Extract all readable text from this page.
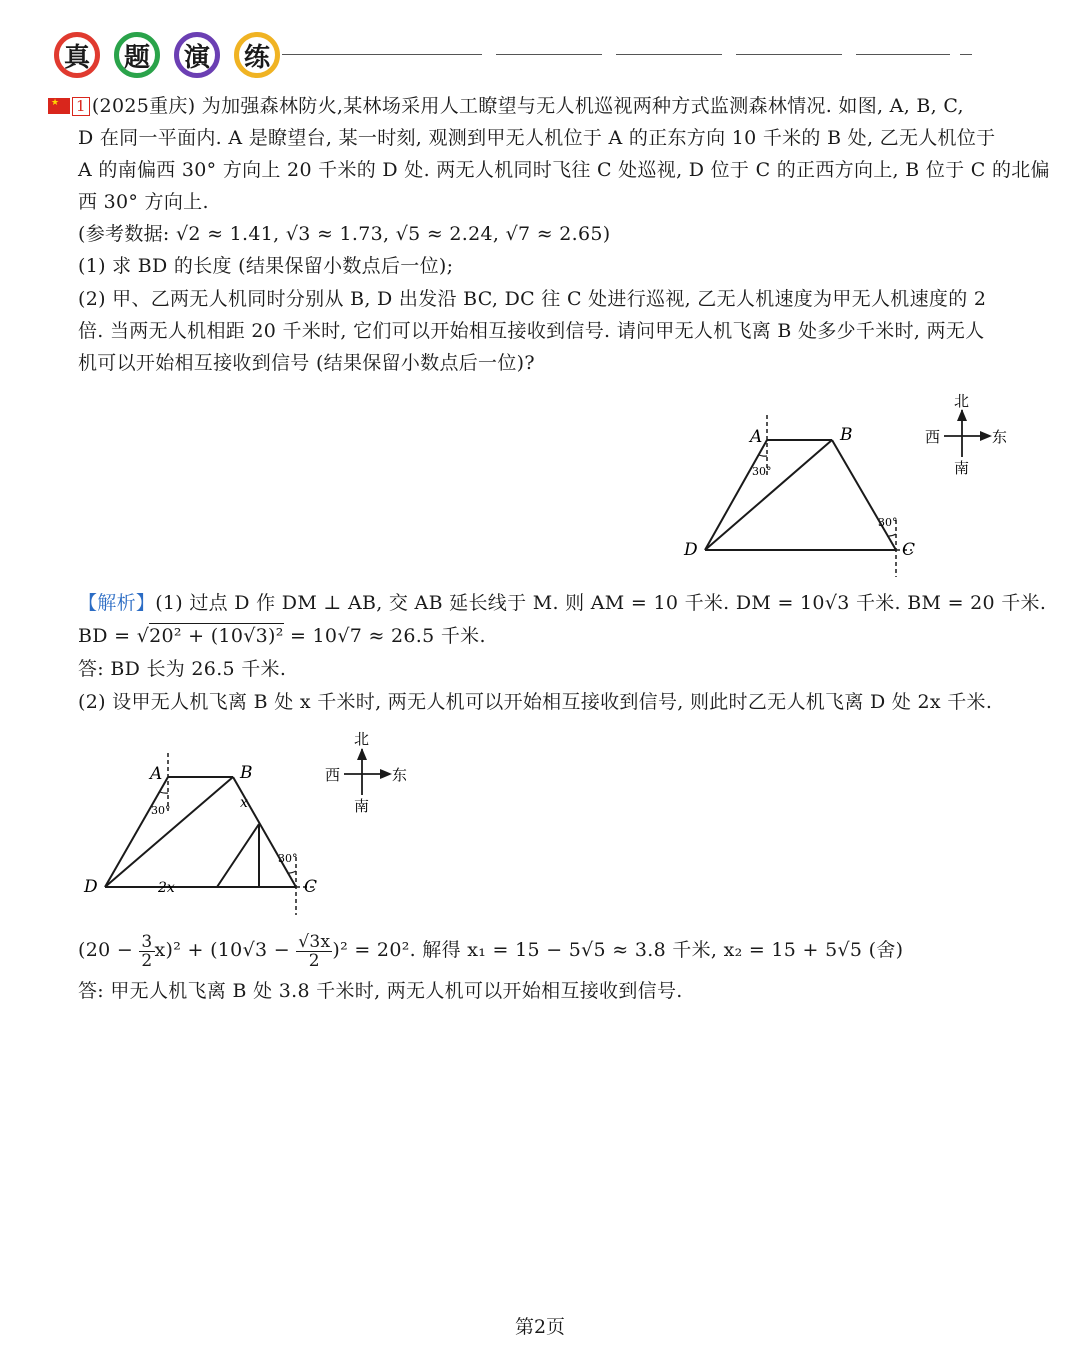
真	题	演	练
★1 (2025重庆) 为加强森林防火,某林场采用人工瞭望与无人机巡视两种方式监测森林情况. 如图, A, B, C,
D 在同一平面内. A 是瞭望台, 某一时刻, 观测到甲无人机位于 A 的正东方向 10 千米的 B 处, 乙无人机位于
A 的南偏西 30° 方向上 20 千米的 D 处. 两无人机同时飞往 C 处巡视, D 位于 C 的正西方向上, B 位于 C 的北偏
西 30° 方向上.
(参考数据: √2 ≈ 1.41, √3 ≈ 1.73, √5 ≈ 2.24, √7 ≈ 2.65)
(1) 求 BD 的长度 (结果保留小数点后一位);
(2) 甲、乙两无人机同时分别从 B, D 出发沿 BC, DC 往 C 处进行巡视, 乙无人机速度为甲无人机速度的 2
倍. 当两无人机相距 20 千米时, 它们可以开始相互接收到信号. 请问甲无人机飞离 B 处多少千米时, 两无人
机可以开始相互接收到信号 (结果保留小数点后一位)?
A	B
C
D
30°
30°
北
南
西	东
【解析】(1) 过点 D 作 DM ⊥ AB, 交 AB 延长线于 M. 则 AM = 10 千米. DM = 10√3 千米. BM = 20 千米.
BD = √20² + (10√3)² = 10√7 ≈ 26.5 千米.
答: BD 长为 26.5 千米.
(2) 设甲无人机飞离 B 处 x 千米时, 两无人机可以开始相互接收到信号, 则此时乙无人机飞离 D 处 2x 千米.
A	B
C
D
30°
30°
x
2x
北
南
西	东
$(20 - \frac{3}{2} x)^2 + (10√3 - \frac{√3x}{2} )^2 = 20^2$. 解得 x₁ = 15 − 5√5 ≈ 3.8 千米, x₂ = 15 + 5√5 (舍)
答: 甲无人机飞离 B 处 3.8 千米时, 两无人机可以开始相互接收到信号.
第2页
